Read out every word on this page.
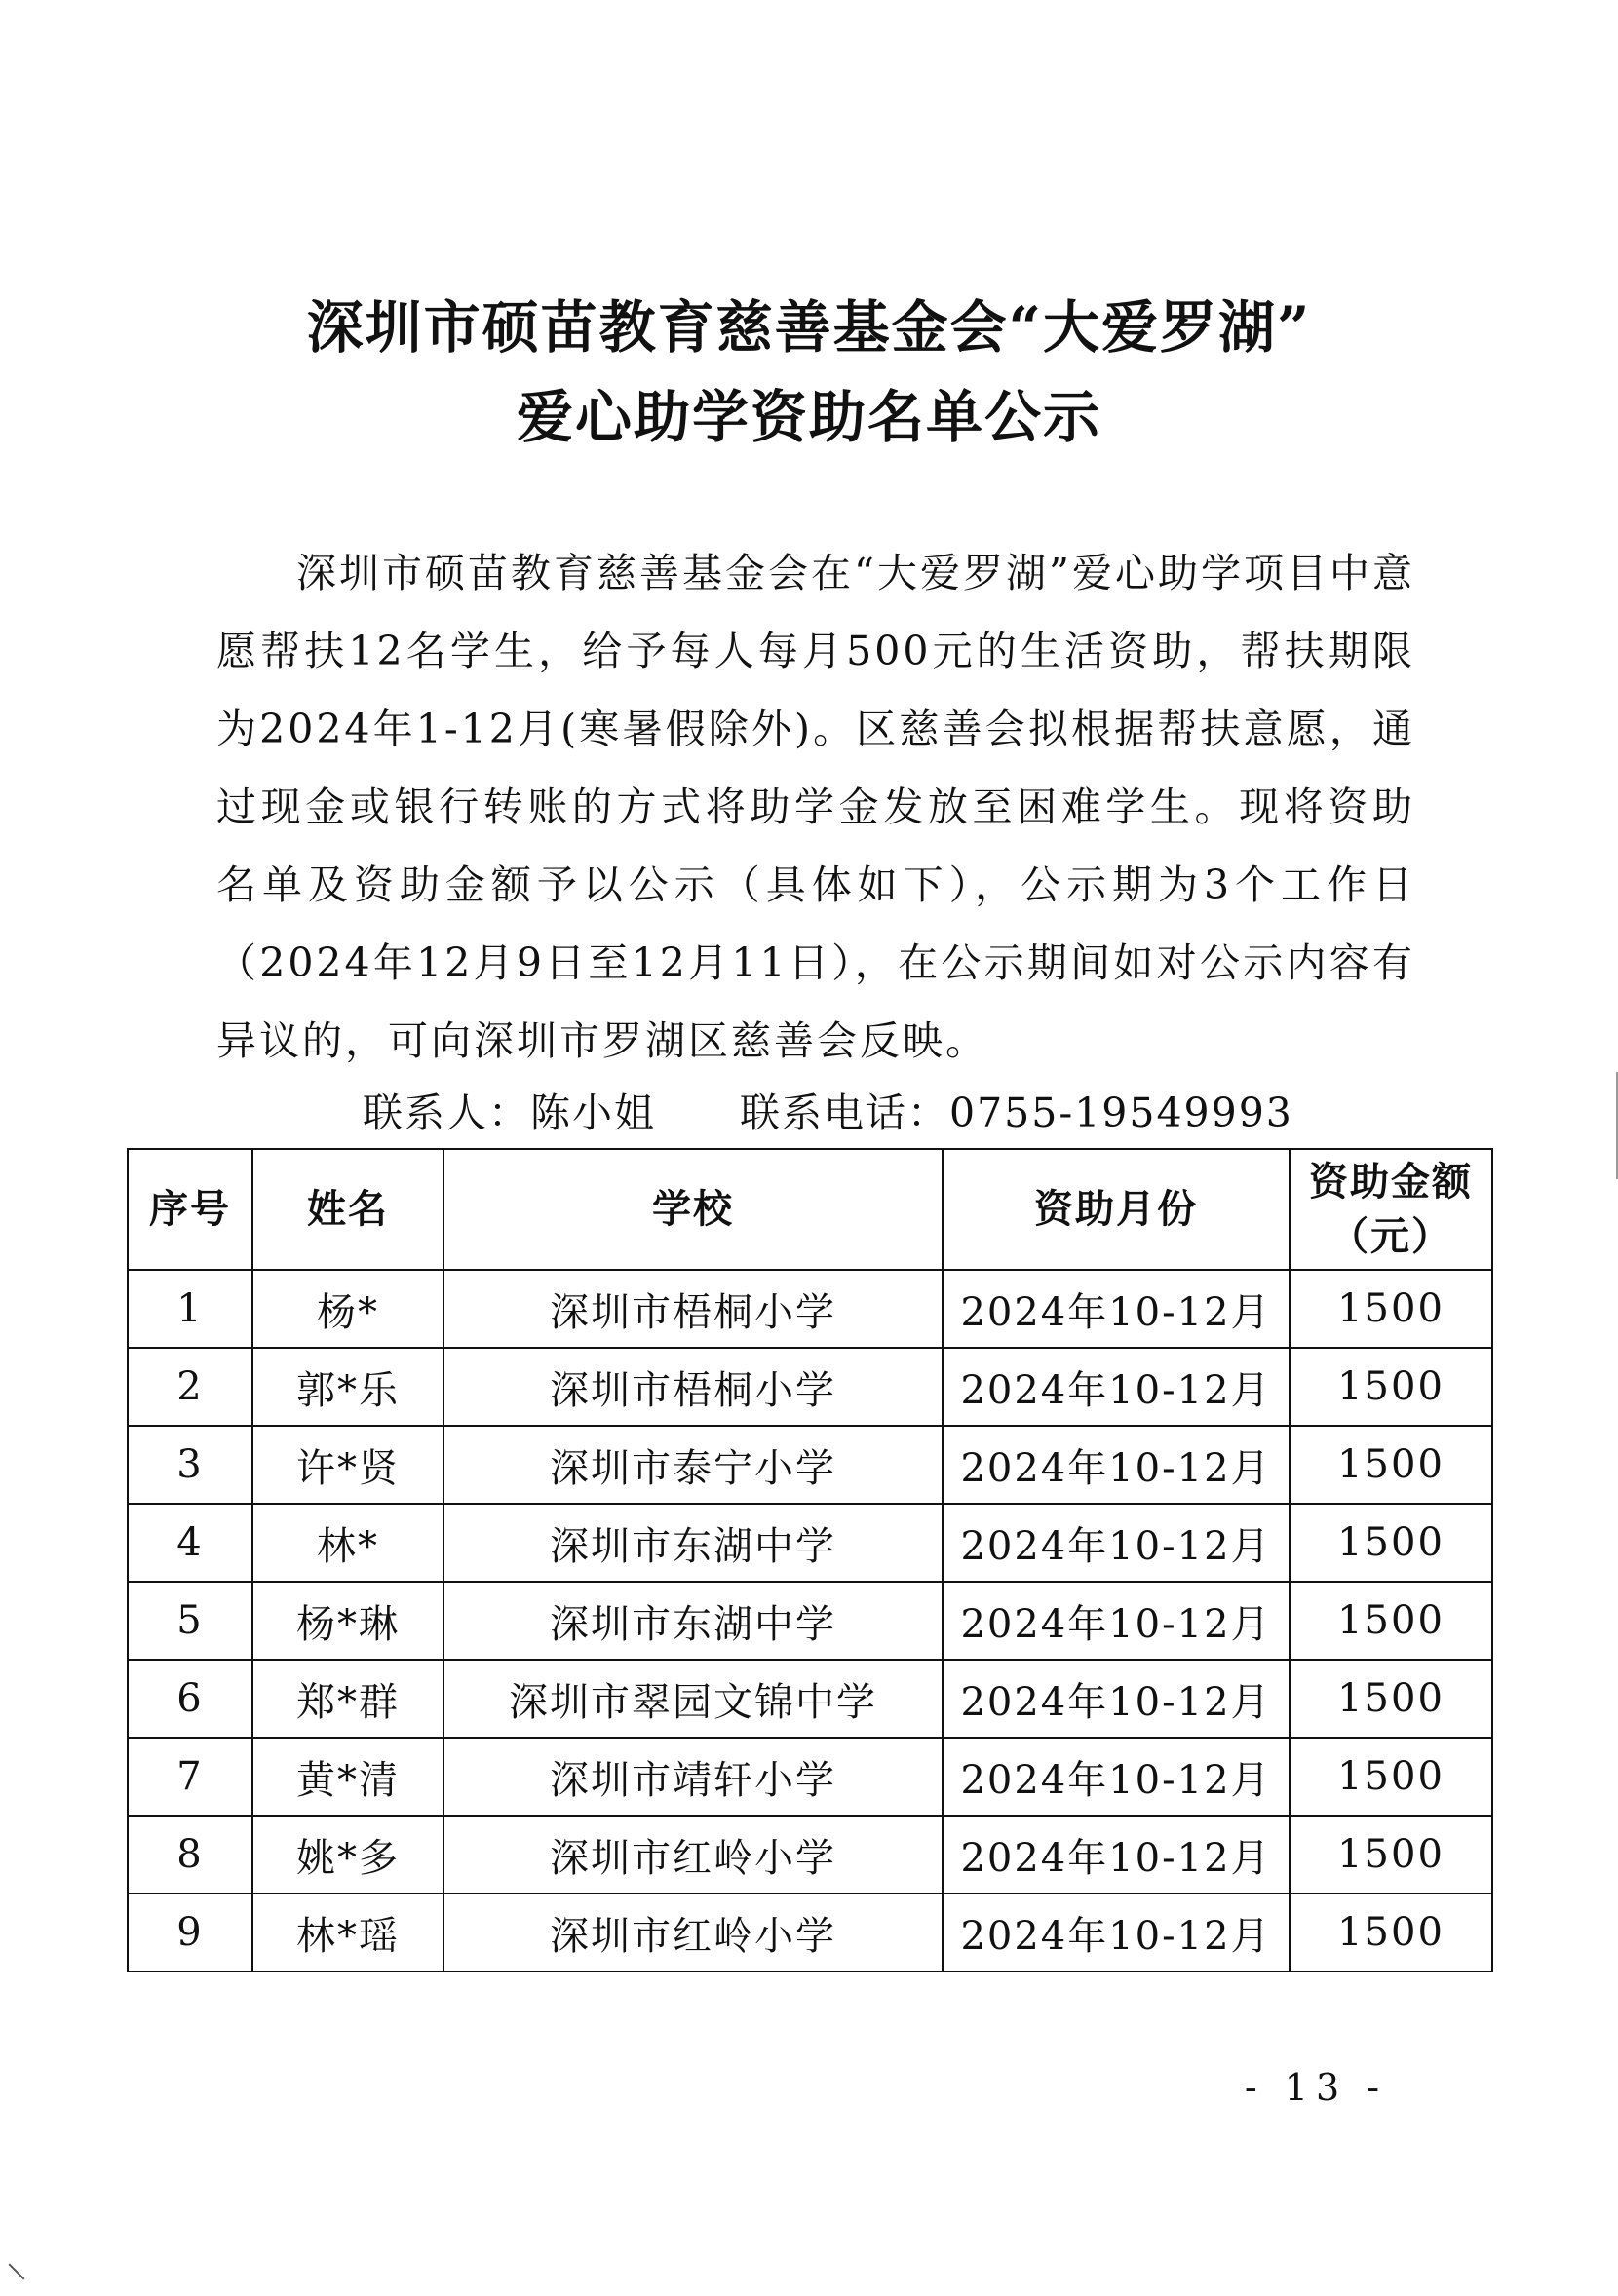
深圳市硕苗教育慈善基金会“大爱罗湖”
爱心助学资助名单公示
深圳市硕苗教育慈善基金会在“大爱罗湖”爱心助学项目中意愿帮扶12名学生，给予每人每月500元的生活资助，帮扶期限为2024年1-12月(寒暑假除外)。区慈善会拟根据帮扶意愿，通过现金或银行转账的方式将助学金发放至困难学生。现将资助名单及资助金额予以公示（具体如下），公示期为3个工作日（2024年12月9日至12月11日），在公示期间如对公示内容有异议的，可向深圳市罗湖区慈善会反映。
联系人：陈小姐 联系电话：0755-19549993
序号	姓名	学校	资助月份	资助金额（元）
1	杨*	深圳市梧桐小学	2024年10-12月	1500
2	郭*乐	深圳市梧桐小学	2024年10-12月	1500
3	许*贤	深圳市泰宁小学	2024年10-12月	1500
4	林*	深圳市东湖中学	2024年10-12月	1500
5	杨*琳	深圳市东湖中学	2024年10-12月	1500
6	郑*群	深圳市翠园文锦中学	2024年10-12月	1500
7	黄*清	深圳市靖轩小学	2024年10-12月	1500
8	姚*多	深圳市红岭小学	2024年10-12月	1500
9	林*瑶	深圳市红岭小学	2024年10-12月	1500
- 13 -
